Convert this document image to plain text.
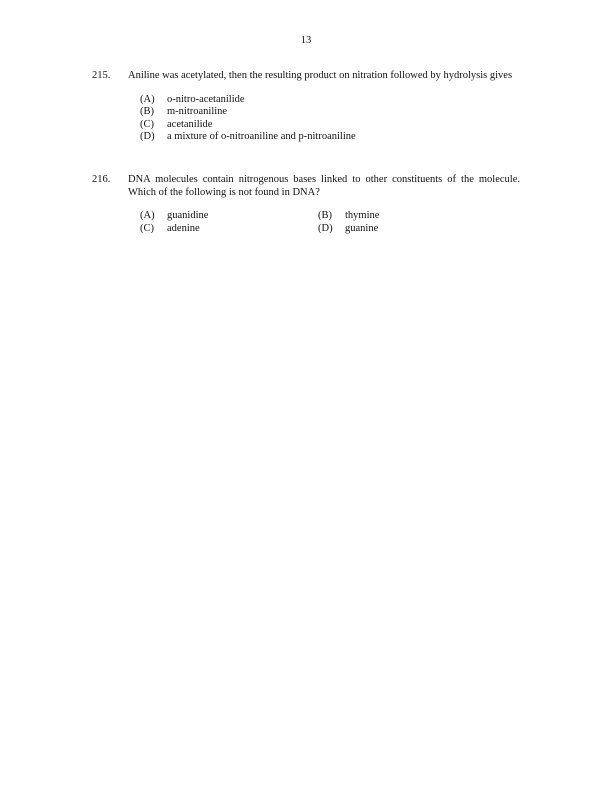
13
215. Aniline was acetylated, then the resulting product on nitration followed by hydrolysis gives
(A)	o-nitro-acetanilide
(B)	m-nitroaniline
(C)	acetanilide
(D)	a mixture of o-nitroaniline and p-nitroaniline
216. DNA molecules contain nitrogenous bases linked to other constituents of the molecule. Which of the following is not found in DNA?
(A)	guanidine	(B)	thymine
(C)	adenine	(D)	guanine
